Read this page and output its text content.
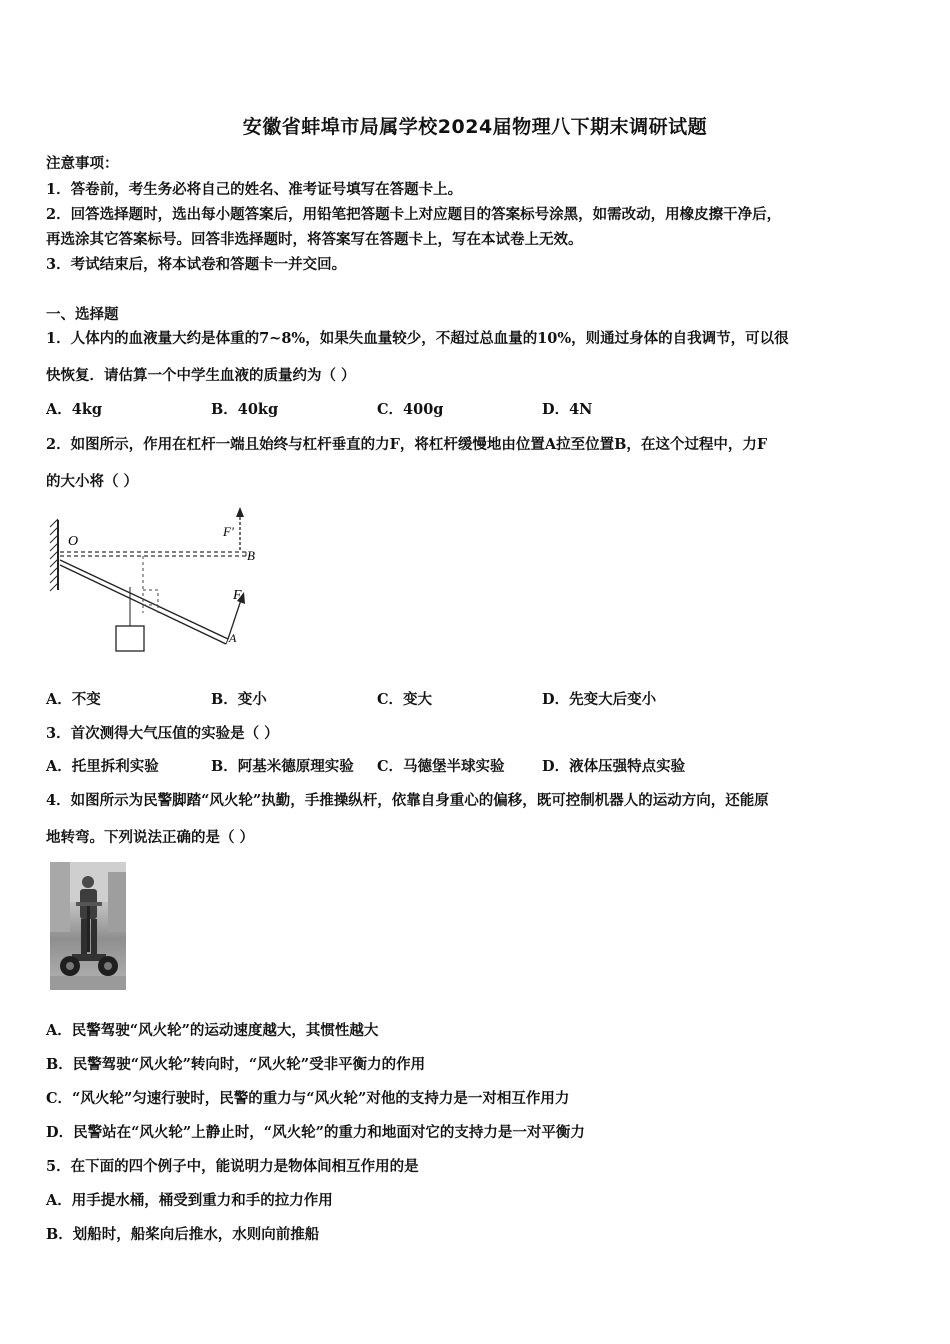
安徽省蚌埠市局属学校2024届物理八下期末调研试题
注意事项：
1．答卷前，考生务必将自己的姓名、准考证号填写在答题卡上。
2．回答选择题时，选出每小题答案后，用铅笔把答题卡上对应题目的答案标号涂黑，如需改动，用橡皮擦干净后，
再选涂其它答案标号。回答非选择题时，将答案写在答题卡上，写在本试卷上无效。
3．考试结束后，将本试卷和答题卡一并交回。
一、选择题
1．人体内的血液量大约是体重的7~8%，如果失血量较少，不超过总血量的10%，则通过身体的自我调节，可以很
快恢复．请估算一个中学生血液的质量约为（ ）
A．4kg	B．40kg	C．400g	D．4N
2．如图所示，作用在杠杆一端且始终与杠杆垂直的力F，将杠杆缓慢地由位置A拉至位置B，在这个过程中，力F
的大小将（ ）
O
B
A
F
F'
A．不变	B．变小	C．变大	D．先变大后变小
3．首次测得大气压值的实验是（ ）
A．托里拆利实验	B．阿基米德原理实验 C．马德堡半球实验	D．液体压强特点实验
4．如图所示为民警脚踏“风火轮”执勤，手推操纵杆，依靠自身重心的偏移，既可控制机器人的运动方向，还能原
地转弯。下列说法正确的是（ ）
A．民警驾驶“风火轮”的运动速度越大，其惯性越大
B．民警驾驶“风火轮”转向时，“风火轮”受非平衡力的作用
C．“风火轮”匀速行驶时，民警的重力与“风火轮”对他的支持力是一对相互作用力
D．民警站在“风火轮”上静止时，“风火轮”的重力和地面对它的支持力是一对平衡力
5．在下面的四个例子中，能说明力是物体间相互作用的是
A．用手提水桶，桶受到重力和手的拉力作用
B．划船时，船桨向后推水，水则向前推船
